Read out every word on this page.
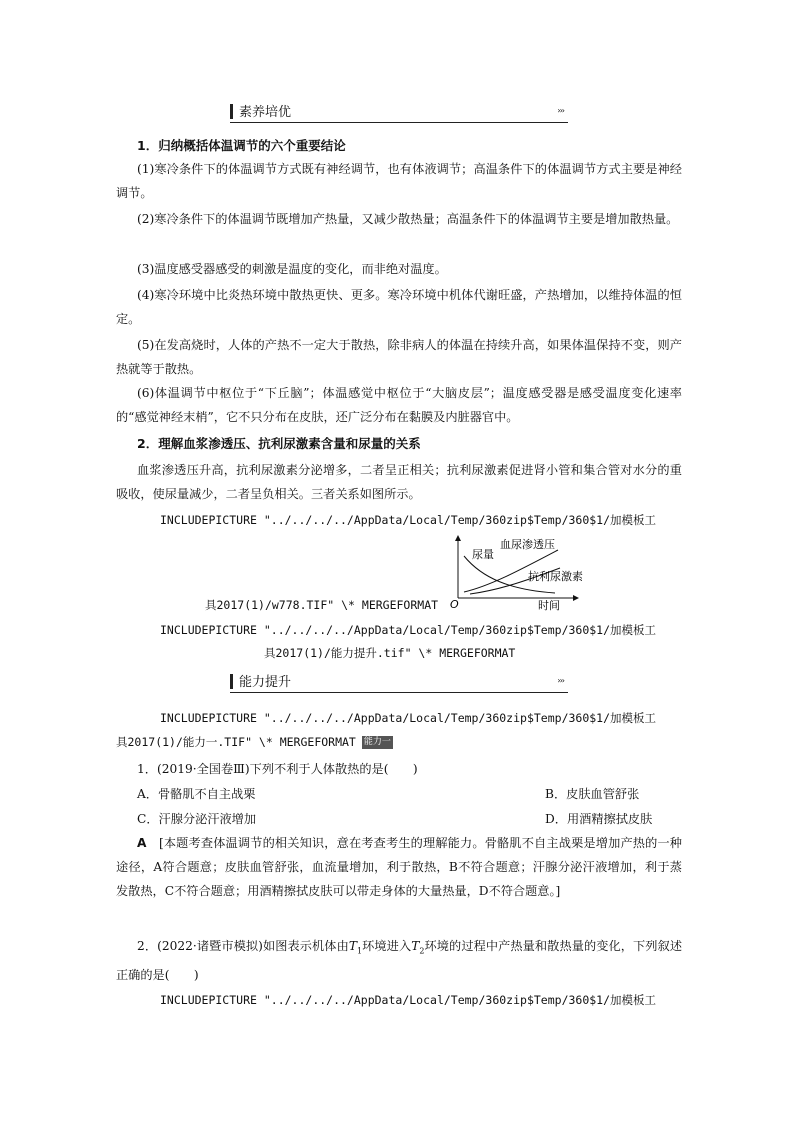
素养培优	›››
1．归纳概括体温调节的六个重要结论
(1)寒冷条件下的体温调节方式既有神经调节，也有体液调节；高温条件下的体温调节方式主要是神经调节。
(2)寒冷条件下的体温调节既增加产热量，又减少散热量；高温条件下的体温调节主要是增加散热量。
(3)温度感受器感受的刺激是温度的变化，而非绝对温度。
(4)寒冷环境中比炎热环境中散热更快、更多。寒冷环境中机体代谢旺盛，产热增加，以维持体温的恒定。
(5)在发高烧时，人体的产热不一定大于散热，除非病人的体温在持续升高，如果体温保持不变，则产热就等于散热。
(6)体温调节中枢位于“下丘脑”；体温感觉中枢位于“大脑皮层”；温度感受器是感受温度变化速率的“感觉神经末梢”，它不只分布在皮肤，还广泛分布在黏膜及内脏器官中。
2．理解血浆渗透压、抗利尿激素含量和尿量的关系
血浆渗透压升高，抗利尿激素分泌增多，二者呈正相关；抗利尿激素促进肾小管和集合管对水分的重吸收，使尿量减少，二者呈负相关。三者关系如图所示。
INCLUDEPICTURE "../../../../AppData/Local/Temp/360zip$Temp/360$1/加模板工
具2017(1)/w778.TIF" \* MERGEFORMAT
尿量
血尿渗透压
抗利尿激素
O	时间
INCLUDEPICTURE "../../../../AppData/Local/Temp/360zip$Temp/360$1/加模板工
具2017(1)/能力提升.tif" \* MERGEFORMAT
能力提升	›››
INCLUDEPICTURE "../../../../AppData/Local/Temp/360zip$Temp/360$1/加模板工
具2017(1)/能力一.TIF" \* MERGEFORMAT 能力一
1．(2019·全国卷Ⅲ)下列不利于人体散热的是(　　)
A．骨骼肌不自主战栗	B．皮肤血管舒张
C．汗腺分泌汗液增加	D．用酒精擦拭皮肤
A　 [本题考查体温调节的相关知识，意在考查考生的理解能力。骨骼肌不自主战栗是增加产热的一种途径，A符合题意；皮肤血管舒张，血流量增加，利于散热，B不符合题意；汗腺分泌汗液增加，利于蒸发散热，C不符合题意；用酒精擦拭皮肤可以带走身体的大量热量，D不符合题意。]
2．(2022·诸暨市模拟)如图表示机体由$T_1$环境进入$T_2$环境的过程中产热量和散热量的变化，下列叙述正确的是(　　)
INCLUDEPICTURE "../../../../AppData/Local/Temp/360zip$Temp/360$1/加模板工
